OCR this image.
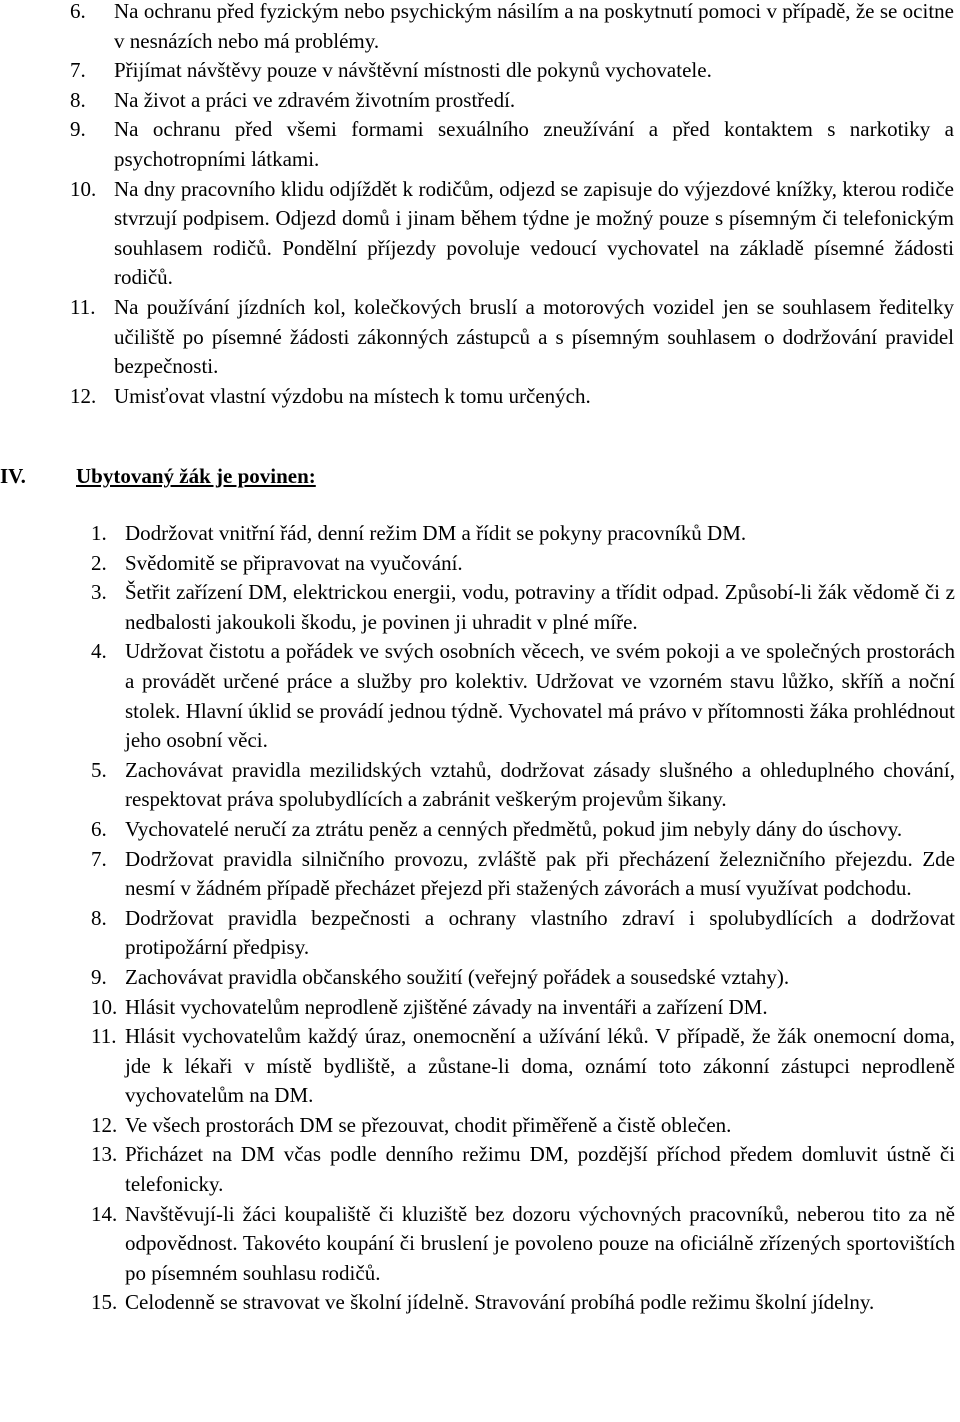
6. Na ochranu před fyzickým nebo psychickým násilím a na poskytnutí pomoci v případě, že se ocitne v nesnázích nebo má problémy.
7. Přijímat návštěvy pouze v návštěvní místnosti dle pokynů vychovatele.
8. Na život a práci ve zdravém životním prostředí.
9. Na ochranu před všemi formami sexuálního zneužívání a před kontaktem s narkotiky a psychotropními látkami.
10. Na dny pracovního klidu odjíždět k rodičům, odjezd se zapisuje do výjezdové knížky, kterou rodiče stvrzují podpisem. Odjezd domů i jinam během týdne je možný pouze s písemným či telefonickým souhlasem rodičů. Pondělní příjezdy povoluje vedoucí vychovatel na základě písemné žádosti rodičů.
11. Na používání jízdních kol, kolečkových bruslí a motorových vozidel jen se souhlasem ředitelky učiliště po písemné žádosti zákonných zástupců a s písemným souhlasem o dodržování pravidel bezpečnosti.
12. Umisťovat vlastní výzdobu na místech k tomu určených.
IV. Ubytovaný žák je povinen:
1. Dodržovat vnitřní řád, denní režim DM a řídit se pokyny pracovníků DM.
2. Svědomitě se připravovat na vyučování.
3. Šetřit zařízení DM, elektrickou energii, vodu, potraviny a třídit odpad. Způsobí-li žák vědomě či z nedbalosti jakoukoli škodu, je povinen ji uhradit v plné míře.
4. Udržovat čistotu a pořádek ve svých osobních věcech, ve svém pokoji a ve společných prostorách a provádět určené práce a služby pro kolektiv. Udržovat ve vzorném stavu lůžko, skříň a noční stolek. Hlavní úklid se provádí jednou týdně. Vychovatel má právo v přítomnosti žáka prohlédnout jeho osobní věci.
5. Zachovávat pravidla mezilidských vztahů, dodržovat zásady slušného a ohleduplného chování, respektovat práva spolubydlících a zabránit veškerým projevům šikany.
6. Vychovatelé neručí za ztrátu peněz a cenných předmětů, pokud jim nebyly dány do úschovy.
7. Dodržovat pravidla silničního provozu, zvláště pak při přecházení železničního přejezdu. Zde nesmí v žádném případě přecházet přejezd při stažených závorách a musí využívat podchodu.
8. Dodržovat pravidla bezpečnosti a ochrany vlastního zdraví i spolubydlících a dodržovat protipožární předpisy.
9. Zachovávat pravidla občanského soužití (veřejný pořádek a sousedské vztahy).
10. Hlásit vychovatelům neprodleně zjištěné závady na inventáři a zařízení DM.
11. Hlásit vychovatelům každý úraz, onemocnění a užívání léků. V případě, že žák onemocní doma, jde k lékaři v místě bydliště, a zůstane-li doma, oznámí toto zákonní zástupci neprodleně vychovatelům na DM.
12. Ve všech prostorách DM se přezouvat, chodit přiměřeně a čistě oblečen.
13. Přicházet na DM včas podle denního režimu DM, pozdější příchod předem domluvit ústně či telefonicky.
14. Navštěvují-li žáci koupaliště či kluziště bez dozoru výchovných pracovníků, neberou tito za ně odpovědnost. Takovéto koupání či bruslení je povoleno pouze na oficiálně zřízených sportovištích po písemném souhlasu rodičů.
15. Celodenně se stravovat ve školní jídelně. Stravování probíhá podle režimu školní jídelny.
